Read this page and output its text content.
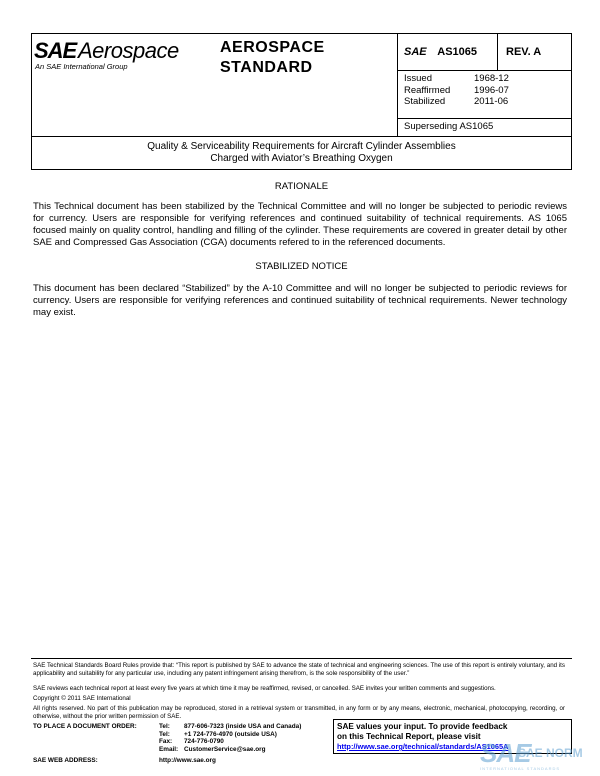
SAE Aerospace
An SAE International Group
AEROSPACE
STANDARD
SAE AS1065	REV. A
Issued	1968-12
Reaffirmed	1996-07
Stabilized	2011-06
Superseding AS1065
Quality & Serviceability Requirements for Aircraft Cylinder Assemblies
Charged with Aviator’s Breathing Oxygen
RATIONALE
This Technical document has been stabilized by the Technical Committee and will no longer be subjected to periodic reviews for currency. Users are responsible for verifying references and continued suitability of technical requirements. AS 1065 focused mainly on quality control, handling and filling of the cylinder. These requirements are covered in greater detail by other SAE and Compressed Gas Association (CGA) documents refered to in the referenced documents.
STABILIZED NOTICE
This document has been declared “Stabilized” by the A-10 Committee and will no longer be subjected to periodic reviews for currency. Users are responsible for verifying references and continued suitability of technical requirements. Newer technology may exist.
SAE Technical Standards Board Rules provide that: “This report is published by SAE to advance the state of technical and engineering sciences. The use of this report is entirely voluntary, and its applicability and suitability for any particular use, including any patent infringement arising therefrom, is the sole responsibility of the user.”
SAE reviews each technical report at least every five years at which time it may be reaffirmed, revised, or cancelled. SAE invites your written comments and suggestions.
Copyright © 2011 SAE International
All rights reserved. No part of this publication may be reproduced, stored in a retrieval system or transmitted, in any form or by any means, electronic, mechanical, photocopying, recording, or otherwise, without the prior written permission of SAE.
TO PLACE A DOCUMENT ORDER:	Tel:	877-606-7323 (inside USA and Canada)
Tel:	+1 724-776-4970 (outside USA)
Fax:	724-776-0790
Email: CustomerService@sae.org
SAE WEB ADDRESS:	http://www.sae.org
SAE values your input. To provide feedback
on this Technical Report, please visit
http://www.sae.org/technical/standards/AS1065A
SAE
SAE NORM
INTERNATIONAL STANDARDS
